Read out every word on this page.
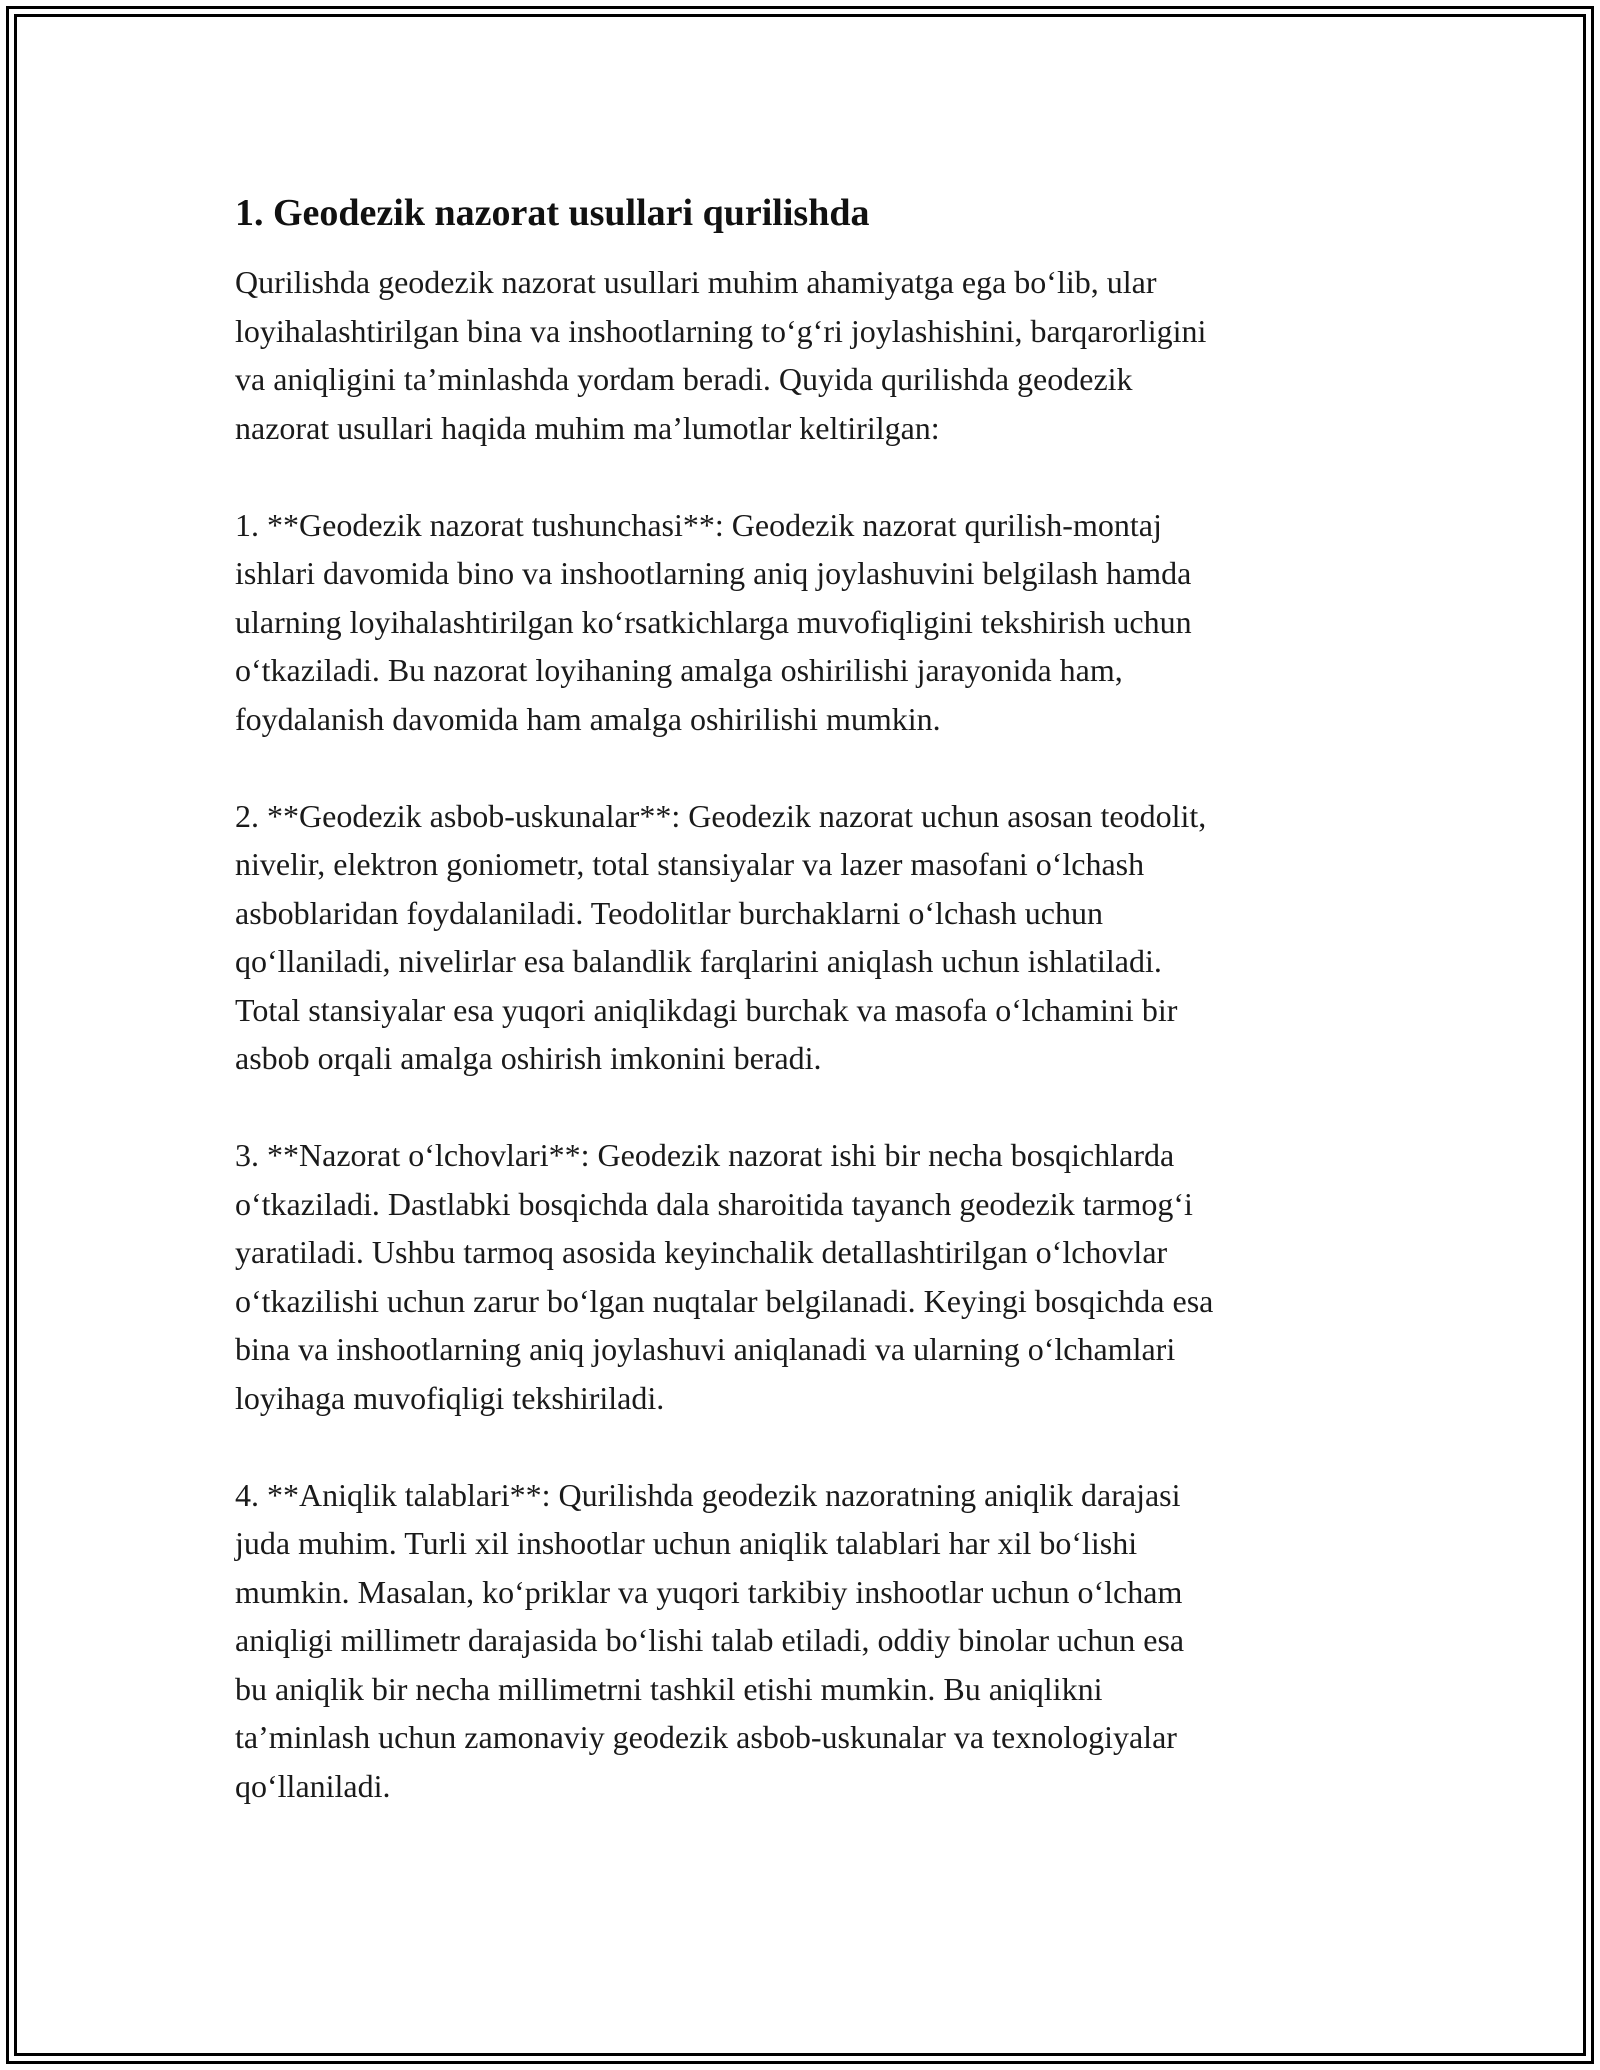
1. Geodezik nazorat usullari qurilishda

Qurilishda geodezik nazorat usullari muhim ahamiyatga ega bo‘lib, ular
loyihalashtirilgan bina va inshootlarning to‘g‘ri joylashishini, barqarorligini
va aniqligini ta’minlashda yordam beradi. Quyida qurilishda geodezik
nazorat usullari haqida muhim ma’lumotlar keltirilgan:

1. **Geodezik nazorat tushunchasi**: Geodezik nazorat qurilish-montaj
ishlari davomida bino va inshootlarning aniq joylashuvini belgilash hamda
ularning loyihalashtirilgan ko‘rsatkichlarga muvofiqligini tekshirish uchun
o‘tkaziladi. Bu nazorat loyihaning amalga oshirilishi jarayonida ham,
foydalanish davomida ham amalga oshirilishi mumkin.

2. **Geodezik asbob-uskunalar**: Geodezik nazorat uchun asosan teodolit,
nivelir, elektron goniometr, total stansiyalar va lazer masofani o‘lchash
asboblaridan foydalaniladi. Teodolitlar burchaklarni o‘lchash uchun
qo‘llaniladi, nivelirlar esa balandlik farqlarini aniqlash uchun ishlatiladi.
Total stansiyalar esa yuqori aniqlikdagi burchak va masofa o‘lchamini bir
asbob orqali amalga oshirish imkonini beradi.

3. **Nazorat o‘lchovlari**: Geodezik nazorat ishi bir necha bosqichlarda
o‘tkaziladi. Dastlabki bosqichda dala sharoitida tayanch geodezik tarmog‘i
yaratiladi. Ushbu tarmoq asosida keyinchalik detallashtirilgan o‘lchovlar
o‘tkazilishi uchun zarur bo‘lgan nuqtalar belgilanadi. Keyingi bosqichda esa
bina va inshootlarning aniq joylashuvi aniqlanadi va ularning o‘lchamlari
loyihaga muvofiqligi tekshiriladi.

4. **Aniqlik talablari**: Qurilishda geodezik nazoratning aniqlik darajasi
juda muhim. Turli xil inshootlar uchun aniqlik talablari har xil bo‘lishi
mumkin. Masalan, ko‘priklar va yuqori tarkibiy inshootlar uchun o‘lcham
aniqligi millimetr darajasida bo‘lishi talab etiladi, oddiy binolar uchun esa
bu aniqlik bir necha millimetrni tashkil etishi mumkin. Bu aniqlikni
ta’minlash uchun zamonaviy geodezik asbob-uskunalar va texnologiyalar
qo‘llaniladi.
